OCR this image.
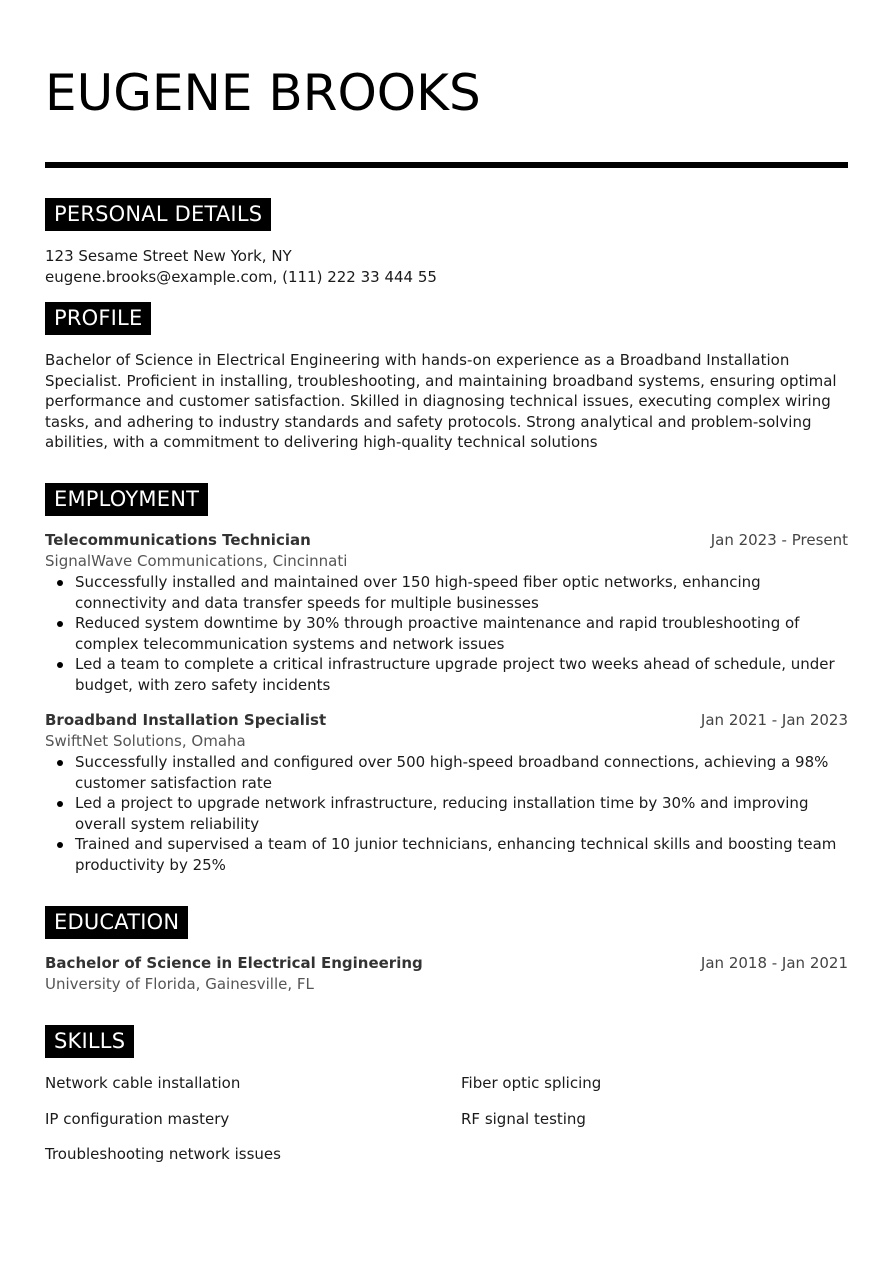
EUGENE BROOKS
PERSONAL DETAILS
123 Sesame Street New York, NY
eugene.brooks@example.com, (111) 222 33 444 55
PROFILE
Bachelor of Science in Electrical Engineering with hands-on experience as a Broadband Installation Specialist. Proficient in installing, troubleshooting, and maintaining broadband systems, ensuring optimal performance and customer satisfaction. Skilled in diagnosing technical issues, executing complex wiring tasks, and adhering to industry standards and safety protocols. Strong analytical and problem-solving abilities, with a commitment to delivering high-quality technical solutions
EMPLOYMENT
Telecommunications Technician	Jan 2023 - Present
SignalWave Communications, Cincinnati
Successfully installed and maintained over 150 high-speed fiber optic networks, enhancing connectivity and data transfer speeds for multiple businesses
Reduced system downtime by 30% through proactive maintenance and rapid troubleshooting of complex telecommunication systems and network issues
Led a team to complete a critical infrastructure upgrade project two weeks ahead of schedule, under budget, with zero safety incidents
Broadband Installation Specialist	Jan 2021 - Jan 2023
SwiftNet Solutions, Omaha
Successfully installed and configured over 500 high-speed broadband connections, achieving a 98% customer satisfaction rate
Led a project to upgrade network infrastructure, reducing installation time by 30% and improving overall system reliability
Trained and supervised a team of 10 junior technicians, enhancing technical skills and boosting team productivity by 25%
EDUCATION
Bachelor of Science in Electrical Engineering	Jan 2018 - Jan 2021
University of Florida, Gainesville, FL
SKILLS
Network cable installation	Fiber optic splicing
IP configuration mastery	RF signal testing
Troubleshooting network issues
